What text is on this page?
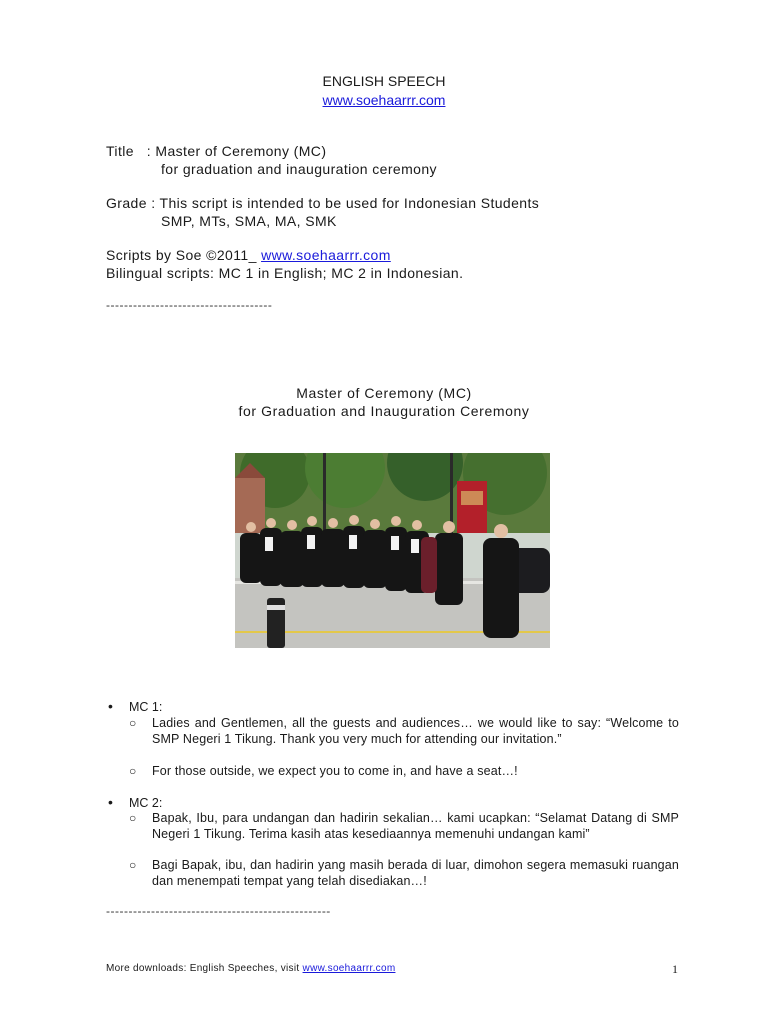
ENGLISH SPEECH
www.soehaarrr.com
Title   : Master of Ceremony (MC)
for graduation and inauguration ceremony
Grade : This script is intended to be used for Indonesian Students
SMP, MTs, SMA, MA, SMK
Scripts by Soe ©2011_ www.soehaarrr.com
Bilingual scripts: MC 1 in English; MC 2 in Indonesian.
-------------------------------------
Master of Ceremony (MC)
for Graduation and Inauguration Ceremony
• MC 1:
○ Ladies and Gentlemen, all the guests and audiences… we would like to say: “Welcome to SMP Negeri 1 Tikung. Thank you very much for attending our invitation.”
○ For those outside, we expect you to come in, and have a seat…!
• MC 2:
○ Bapak, Ibu, para undangan dan hadirin sekalian… kami ucapkan: “Selamat Datang di SMP Negeri 1 Tikung. Terima kasih atas kesediaannya memenuhi undangan kami”
○ Bagi Bapak, ibu, dan hadirin yang masih berada di luar, dimohon segera memasuki ruangan dan menempati tempat yang telah disediakan…!
--------------------------------------------------
More downloads: English Speeches, visit www.soehaarrr.com	1
